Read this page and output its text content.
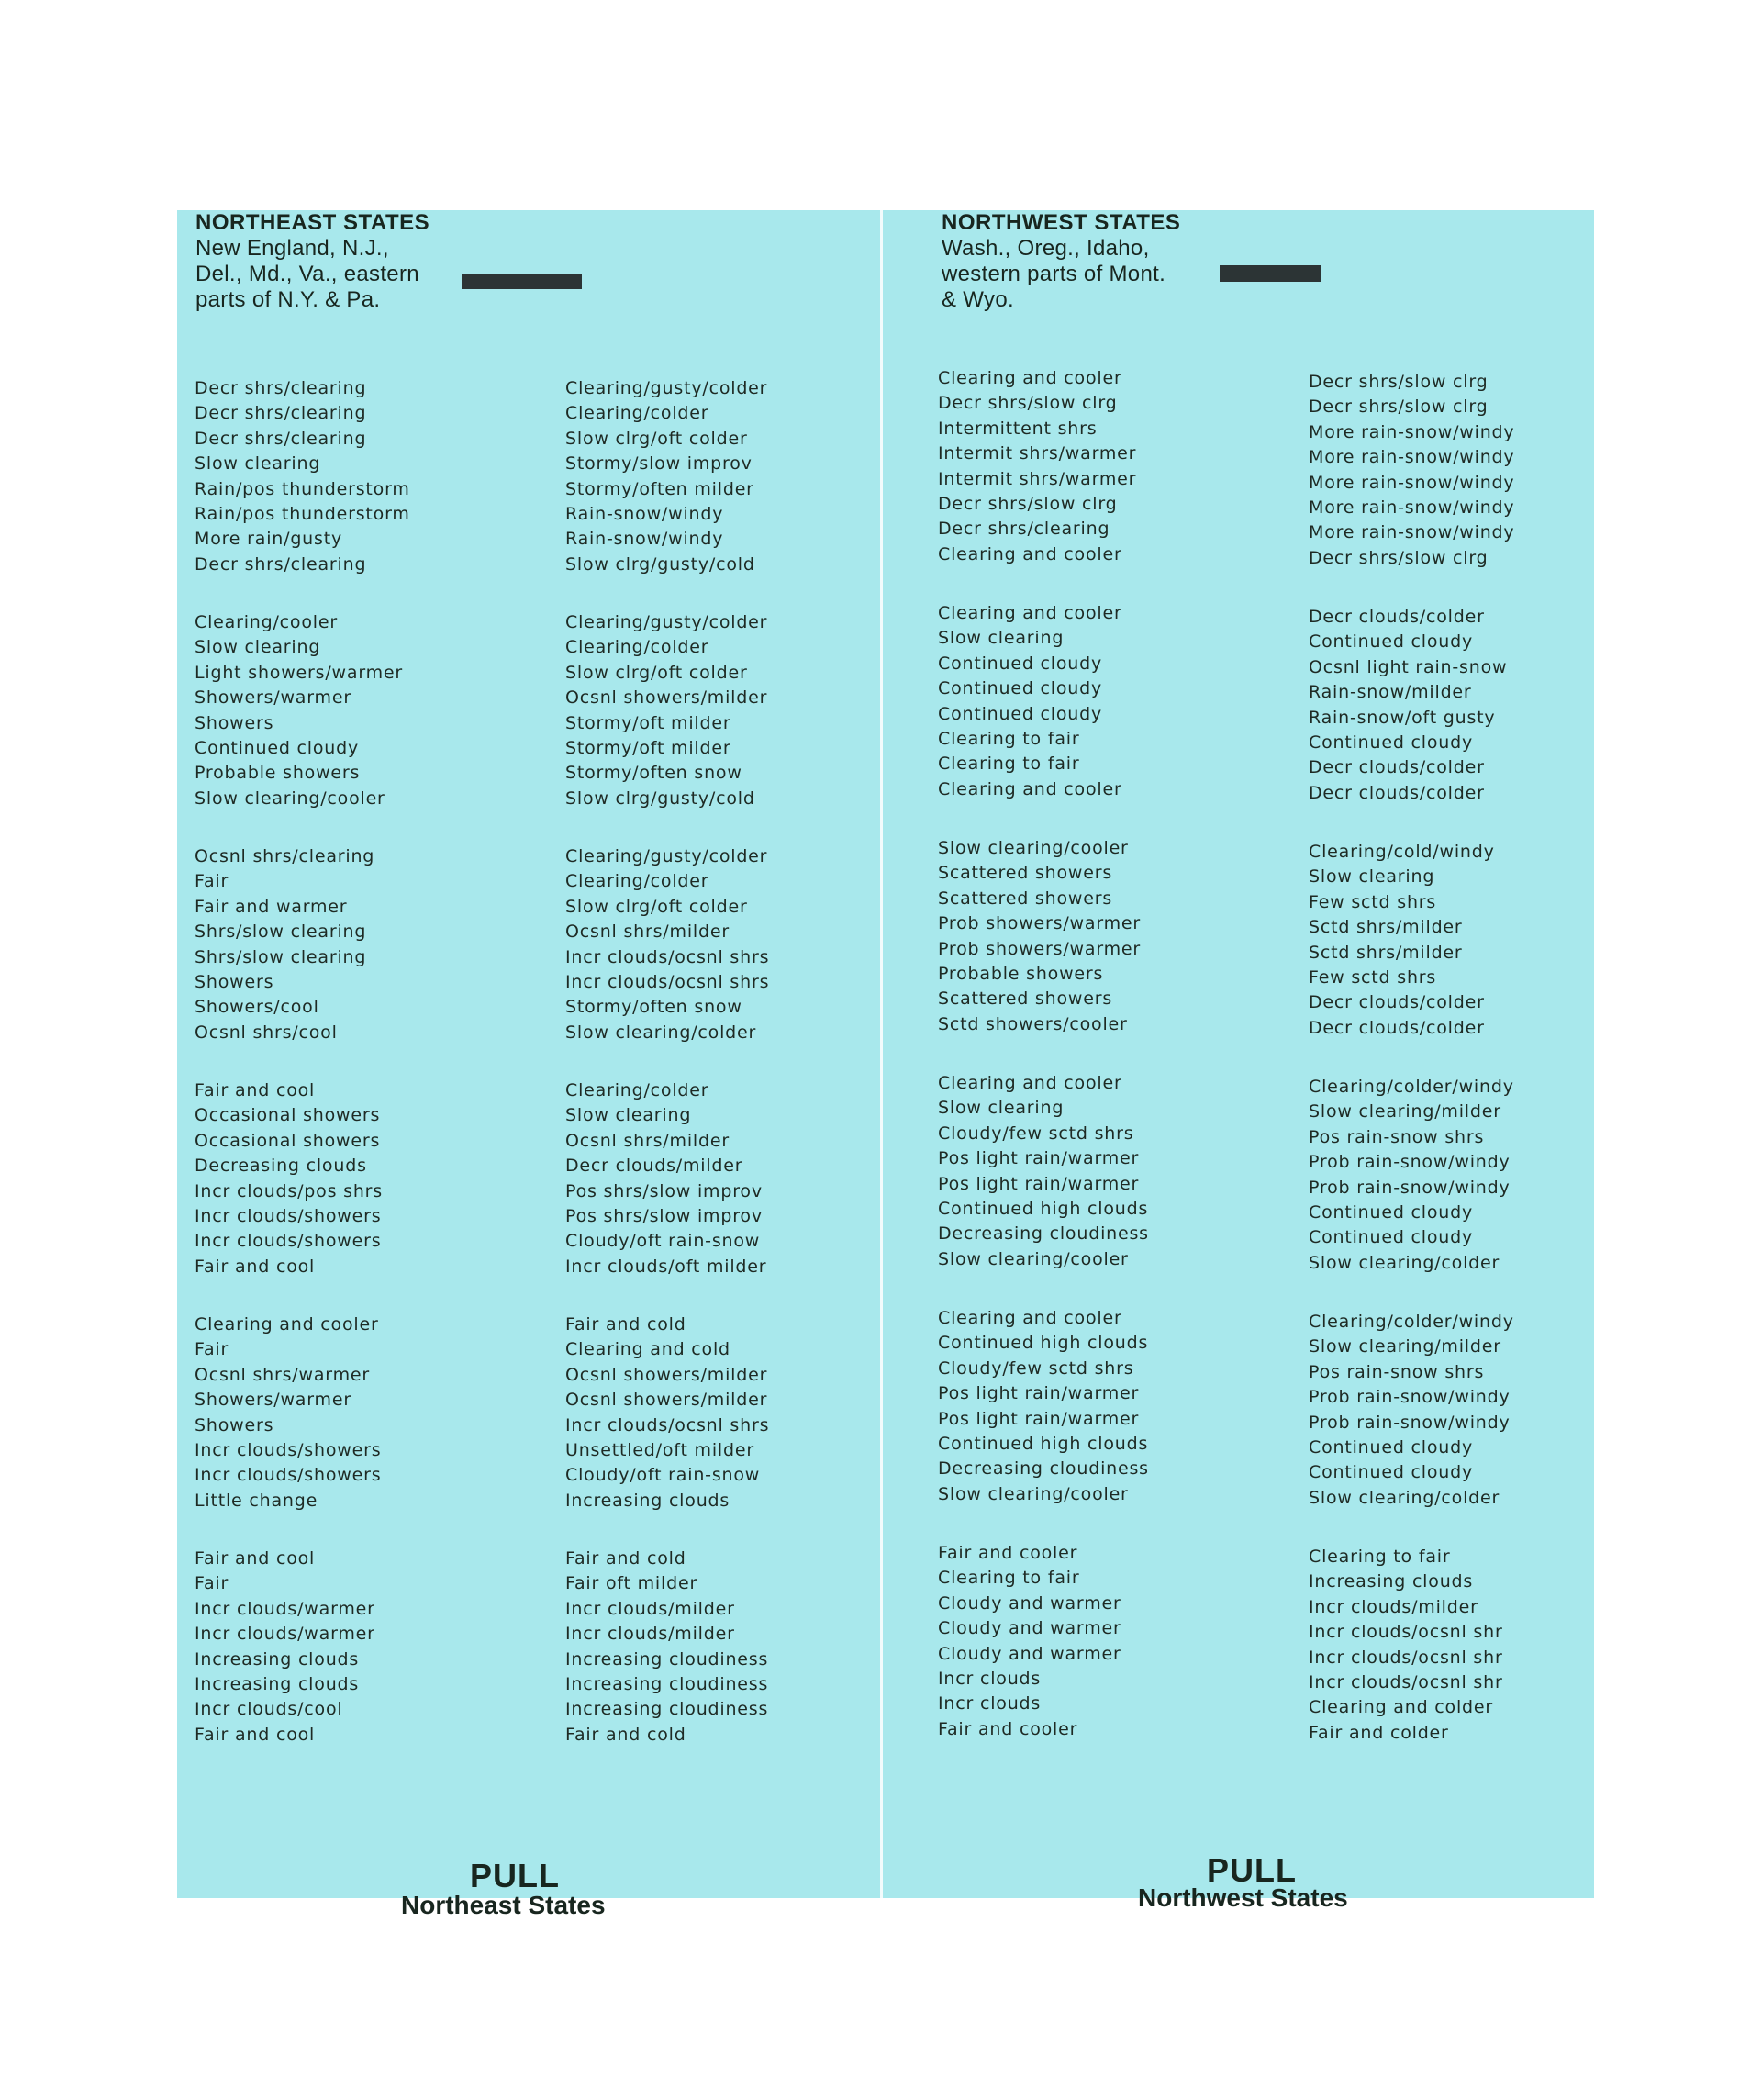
NORTHEAST STATES
New England, N.J.,
Del., Md., Va., eastern
parts of N.Y. & Pa.
Decr shrs/clearing
Decr shrs/clearing
Decr shrs/clearing
Slow clearing
Rain/pos thunderstorm
Rain/pos thunderstorm
More rain/gusty
Decr shrs/clearing
Clearing/cooler
Slow clearing
Light showers/warmer
Showers/warmer
Showers
Continued cloudy
Probable showers
Slow clearing/cooler
Ocsnl shrs/clearing
Fair
Fair and warmer
Shrs/slow clearing
Shrs/slow clearing
Showers
Showers/cool
Ocsnl shrs/cool
Fair and cool
Occasional showers
Occasional showers
Decreasing clouds
Incr clouds/pos shrs
Incr clouds/showers
Incr clouds/showers
Fair and cool
Clearing and cooler
Fair
Ocsnl shrs/warmer
Showers/warmer
Showers
Incr clouds/showers
Incr clouds/showers
Little change
Fair and cool
Fair
Incr clouds/warmer
Incr clouds/warmer
Increasing clouds
Increasing clouds
Incr clouds/cool
Fair and cool
Clearing/gusty/colder
Clearing/colder
Slow clrg/oft colder
Stormy/slow improv
Stormy/often milder
Rain-snow/windy
Rain-snow/windy
Slow clrg/gusty/cold
Clearing/gusty/colder
Clearing/colder
Slow clrg/oft colder
Ocsnl showers/milder
Stormy/oft milder
Stormy/oft milder
Stormy/often snow
Slow clrg/gusty/cold
Clearing/gusty/colder
Clearing/colder
Slow clrg/oft colder
Ocsnl shrs/milder
Incr clouds/ocsnl shrs
Incr clouds/ocsnl shrs
Stormy/often snow
Slow clearing/colder
Clearing/colder
Slow clearing
Ocsnl shrs/milder
Decr clouds/milder
Pos shrs/slow improv
Pos shrs/slow improv
Cloudy/oft rain-snow
Incr clouds/oft milder
Fair and cold
Clearing and cold
Ocsnl showers/milder
Ocsnl showers/milder
Incr clouds/ocsnl shrs
Unsettled/oft milder
Cloudy/oft rain-snow
Increasing clouds
Fair and cold
Fair oft milder
Incr clouds/milder
Incr clouds/milder
Increasing cloudiness
Increasing cloudiness
Increasing cloudiness
Fair and cold
PULL
Northeast States
NORTHWEST STATES
Wash., Oreg., Idaho,
western parts of Mont.
& Wyo.
Clearing and cooler
Decr shrs/slow clrg
Intermittent shrs
Intermit shrs/warmer
Intermit shrs/warmer
Decr shrs/slow clrg
Decr shrs/clearing
Clearing and cooler
Clearing and cooler
Slow clearing
Continued cloudy
Continued cloudy
Continued cloudy
Clearing to fair
Clearing to fair
Clearing and cooler
Slow clearing/cooler
Scattered showers
Scattered showers
Prob showers/warmer
Prob showers/warmer
Probable showers
Scattered showers
Sctd showers/cooler
Clearing and cooler
Slow clearing
Cloudy/few sctd shrs
Pos light rain/warmer
Pos light rain/warmer
Continued high clouds
Decreasing cloudiness
Slow clearing/cooler
Clearing and cooler
Continued high clouds
Cloudy/few sctd shrs
Pos light rain/warmer
Pos light rain/warmer
Continued high clouds
Decreasing cloudiness
Slow clearing/cooler
Fair and cooler
Clearing to fair
Cloudy and warmer
Cloudy and warmer
Cloudy and warmer
Incr clouds
Incr clouds
Fair and cooler
Decr shrs/slow clrg
Decr shrs/slow clrg
More rain-snow/windy
More rain-snow/windy
More rain-snow/windy
More rain-snow/windy
More rain-snow/windy
Decr shrs/slow clrg
Decr clouds/colder
Continued cloudy
Ocsnl light rain-snow
Rain-snow/milder
Rain-snow/oft gusty
Continued cloudy
Decr clouds/colder
Decr clouds/colder
Clearing/cold/windy
Slow clearing
Few sctd shrs
Sctd shrs/milder
Sctd shrs/milder
Few sctd shrs
Decr clouds/colder
Decr clouds/colder
Clearing/colder/windy
Slow clearing/milder
Pos rain-snow shrs
Prob rain-snow/windy
Prob rain-snow/windy
Continued cloudy
Continued cloudy
Slow clearing/colder
Clearing/colder/windy
Slow clearing/milder
Pos rain-snow shrs
Prob rain-snow/windy
Prob rain-snow/windy
Continued cloudy
Continued cloudy
Slow clearing/colder
Clearing to fair
Increasing clouds
Incr clouds/milder
Incr clouds/ocsnl shr
Incr clouds/ocsnl shr
Incr clouds/ocsnl shr
Clearing and colder
Fair and colder
PULL
Northwest States
